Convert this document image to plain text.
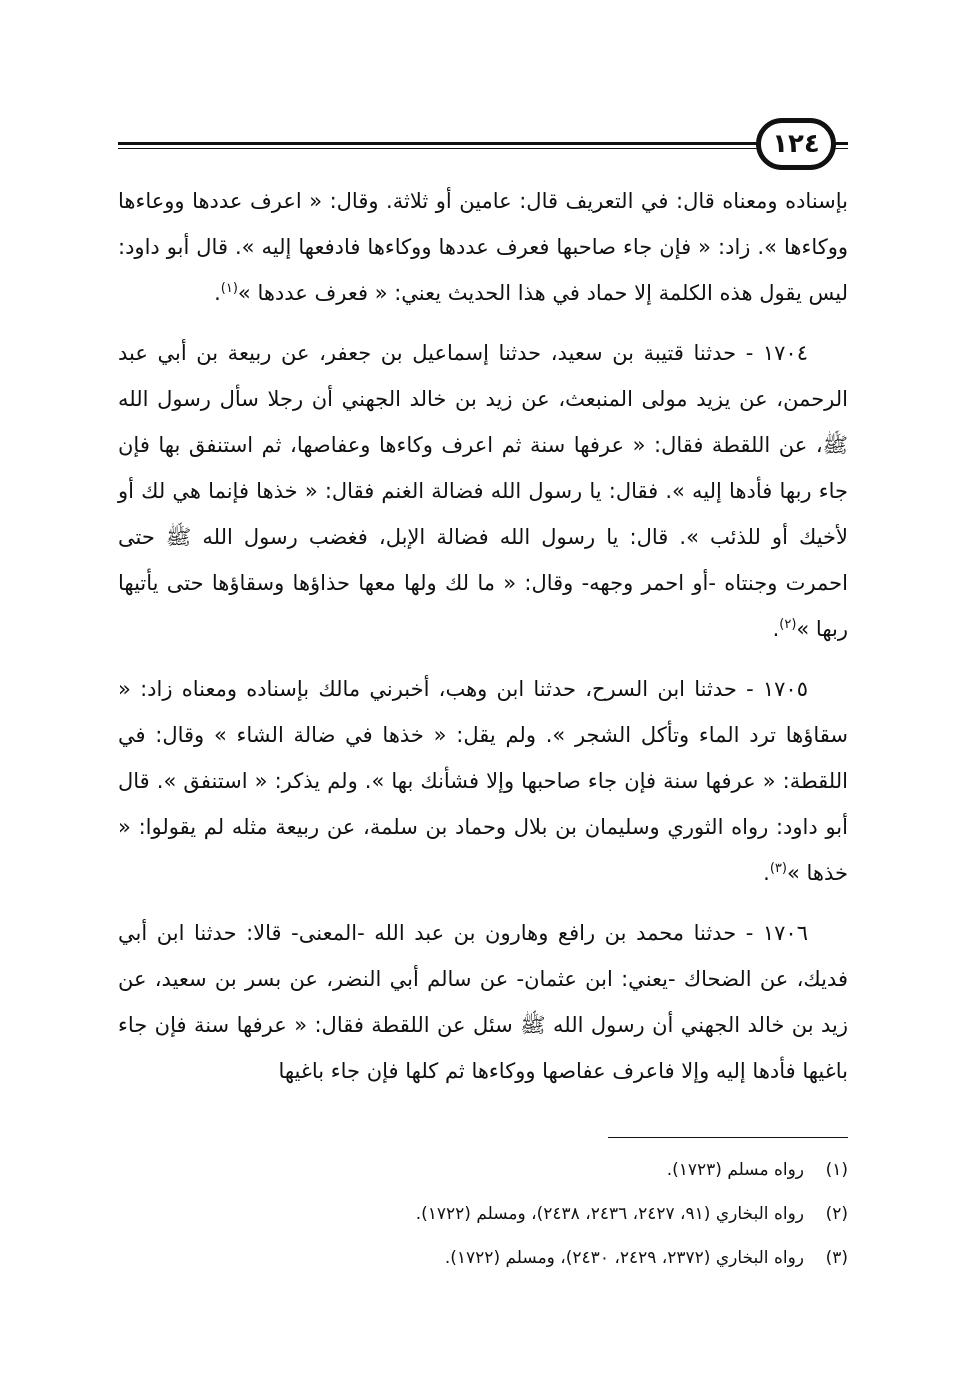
١٢٤

بإسناده ومعناه قال: في التعريف قال: عامين أو ثلاثة. وقال: « اعرف عددها ووعاءها ووكاءها ». زاد: « فإن جاء صاحبها فعرف عددها ووكاءها فادفعها إليه ». قال أبو داود: ليس يقول هذه الكلمة إلا حماد في هذا الحديث يعني: « فعرف عددها »$^{(١)}$.

١٧٠٤ - حدثنا قتيبة بن سعيد، حدثنا إسماعيل بن جعفر، عن ربيعة بن أبي عبد الرحمن، عن يزيد مولى المنبعث، عن زيد بن خالد الجهني أن رجلا سأل رسول الله ﷺ، عن اللقطة فقال: « عرفها سنة ثم اعرف وكاءها وعفاصها، ثم استنفق بها فإن جاء ربها فأدها إليه ». فقال: يا رسول الله فضالة الغنم فقال: « خذها فإنما هي لك أو لأخيك أو للذئب ». قال: يا رسول الله فضالة الإبل، فغضب رسول الله ﷺ حتى احمرت وجنتاه -أو احمر وجهه- وقال: « ما لك ولها معها حذاؤها وسقاؤها حتى يأتيها ربها »$^{(٢)}$.

١٧٠٥ - حدثنا ابن السرح، حدثنا ابن وهب، أخبرني مالك بإسناده ومعناه زاد: « سقاؤها ترد الماء وتأكل الشجر ». ولم يقل: « خذها في ضالة الشاء » وقال: في اللقطة: « عرفها سنة فإن جاء صاحبها وإلا فشأنك بها ». ولم يذكر: « استنفق ». قال أبو داود: رواه الثوري وسليمان بن بلال وحماد بن سلمة، عن ربيعة مثله لم يقولوا: « خذها »$^{(٣)}$.

١٧٠٦ - حدثنا محمد بن رافع وهارون بن عبد الله -المعنى- قالا: حدثنا ابن أبي فديك، عن الضحاك -يعني: ابن عثمان- عن سالم أبي النضر، عن بسر بن سعيد، عن زيد بن خالد الجهني أن رسول الله ﷺ سئل عن اللقطة فقال: « عرفها سنة فإن جاء باغيها فأدها إليه وإلا فاعرف عفاصها ووكاءها ثم كلها فإن جاء باغيها

(١)
رواه مسلم (١٧٢٣).
(٢)
رواه البخاري (٩١، ٢٤٢٧، ٢٤٣٦، ٢٤٣٨)، ومسلم (١٧٢٢).
(٣)
رواه البخاري (٢٣٧٢، ٢٤٢٩، ٢٤٣٠)، ومسلم (١٧٢٢).
